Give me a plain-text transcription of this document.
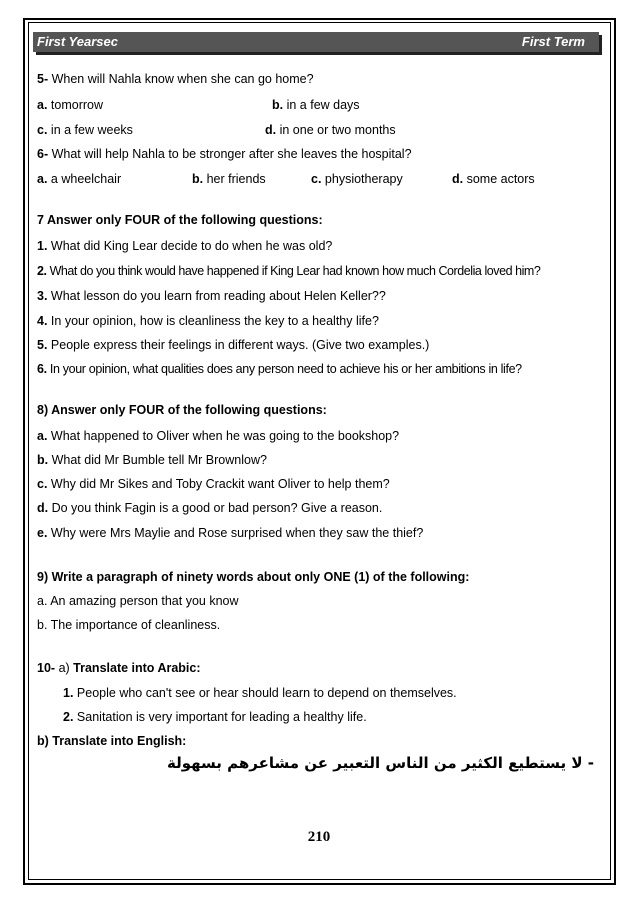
First Yearsec	First Term
5- When will Nahla know when she can go home?
a. tomorrow	b. in a few days
c. in a few weeks	d. in one or two months
6- What will help Nahla to be stronger after she leaves the hospital?
a. a wheelchair	b. her friends	c. physiotherapy	d. some actors
7 Answer only FOUR of the following questions:
1. What did King Lear decide to do when he was old?
2. What do you think would have happened if King Lear had known how much Cordelia loved him?
3. What lesson do you learn from reading about Helen Keller??
4. In your opinion, how is cleanliness the key to a healthy life?
5. People express their feelings in different ways. (Give two examples.)
6. In your opinion, what qualities does any person need to achieve his or her ambitions in life?
8) Answer only FOUR of the following questions:
a. What happened to Oliver when he was going to the bookshop?
b. What did Mr Bumble tell Mr Brownlow?
c. Why did Mr Sikes and Toby Crackit want Oliver to help them?
d. Do you think Fagin is a good or bad person? Give a reason.
e. Why were Mrs Maylie and Rose surprised when they saw the thief?
9) Write a paragraph of ninety words about only ONE (1) of the following:
a. An amazing person that you know
b. The importance of cleanliness.
10- a) Translate into Arabic:
1. People who can't see or hear should learn to depend on themselves.
2. Sanitation is very important for leading a healthy life.
b) Translate into English:
- لا يستطيع الكثير من الناس التعبير عن مشاعرهم بسهولة
210
